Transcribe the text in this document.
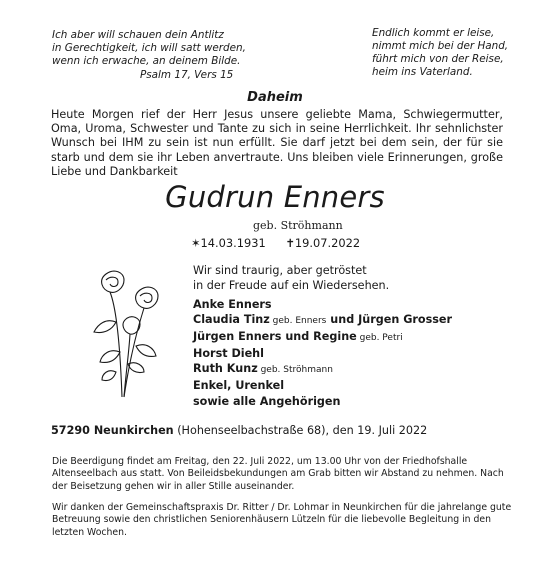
Ich aber will schauen dein Antlitz
in Gerechtigkeit, ich will satt werden,
wenn ich erwache, an deinem Bilde.
Psalm 17, Vers 15
Endlich kommt er leise,
nimmt mich bei der Hand,
führt mich von der Reise,
heim ins Vaterland.
Daheim
Heute Morgen rief der Herr Jesus unsere geliebte Mama, Schwiegermutter, Oma, Uroma, Schwester und Tante zu sich in seine Herrlichkeit. Ihr sehnlichster Wunsch bei IHM zu sein ist nun erfüllt. Sie darf jetzt bei dem sein, der für sie starb und dem sie ihr Leben anvertraute. Uns bleiben viele Erinnerungen, große Liebe und Dankbarkeit
Gudrun Enners
geb. Ströhmann
✶14.03.1931 ✝19.07.2022
Wir sind traurig, aber getröstet
in der Freude auf ein Wiedersehen.
Anke Enners
Claudia Tinz geb. Enners und Jürgen Grosser
Jürgen Enners und Regine geb. Petri
Horst Diehl
Ruth Kunz geb. Ströhmann
Enkel, Urenkel
sowie alle Angehörigen
57290 Neunkirchen (Hohenseelbachstraße 68), den 19. Juli 2022
Die Beerdigung findet am Freitag, den 22. Juli 2022, um 13.00 Uhr von der Friedhofshalle Altenseelbach aus statt. Von Beileidsbekundungen am Grab bitten wir Abstand zu nehmen. Nach der Beisetzung gehen wir in aller Stille auseinander.
Wir danken der Gemeinschaftspraxis Dr. Ritter / Dr. Lohmar in Neunkirchen für die jahrelange gute Betreuung sowie den christlichen Seniorenhäusern Lützeln für die liebevolle Begleitung in den letzten Wochen.
